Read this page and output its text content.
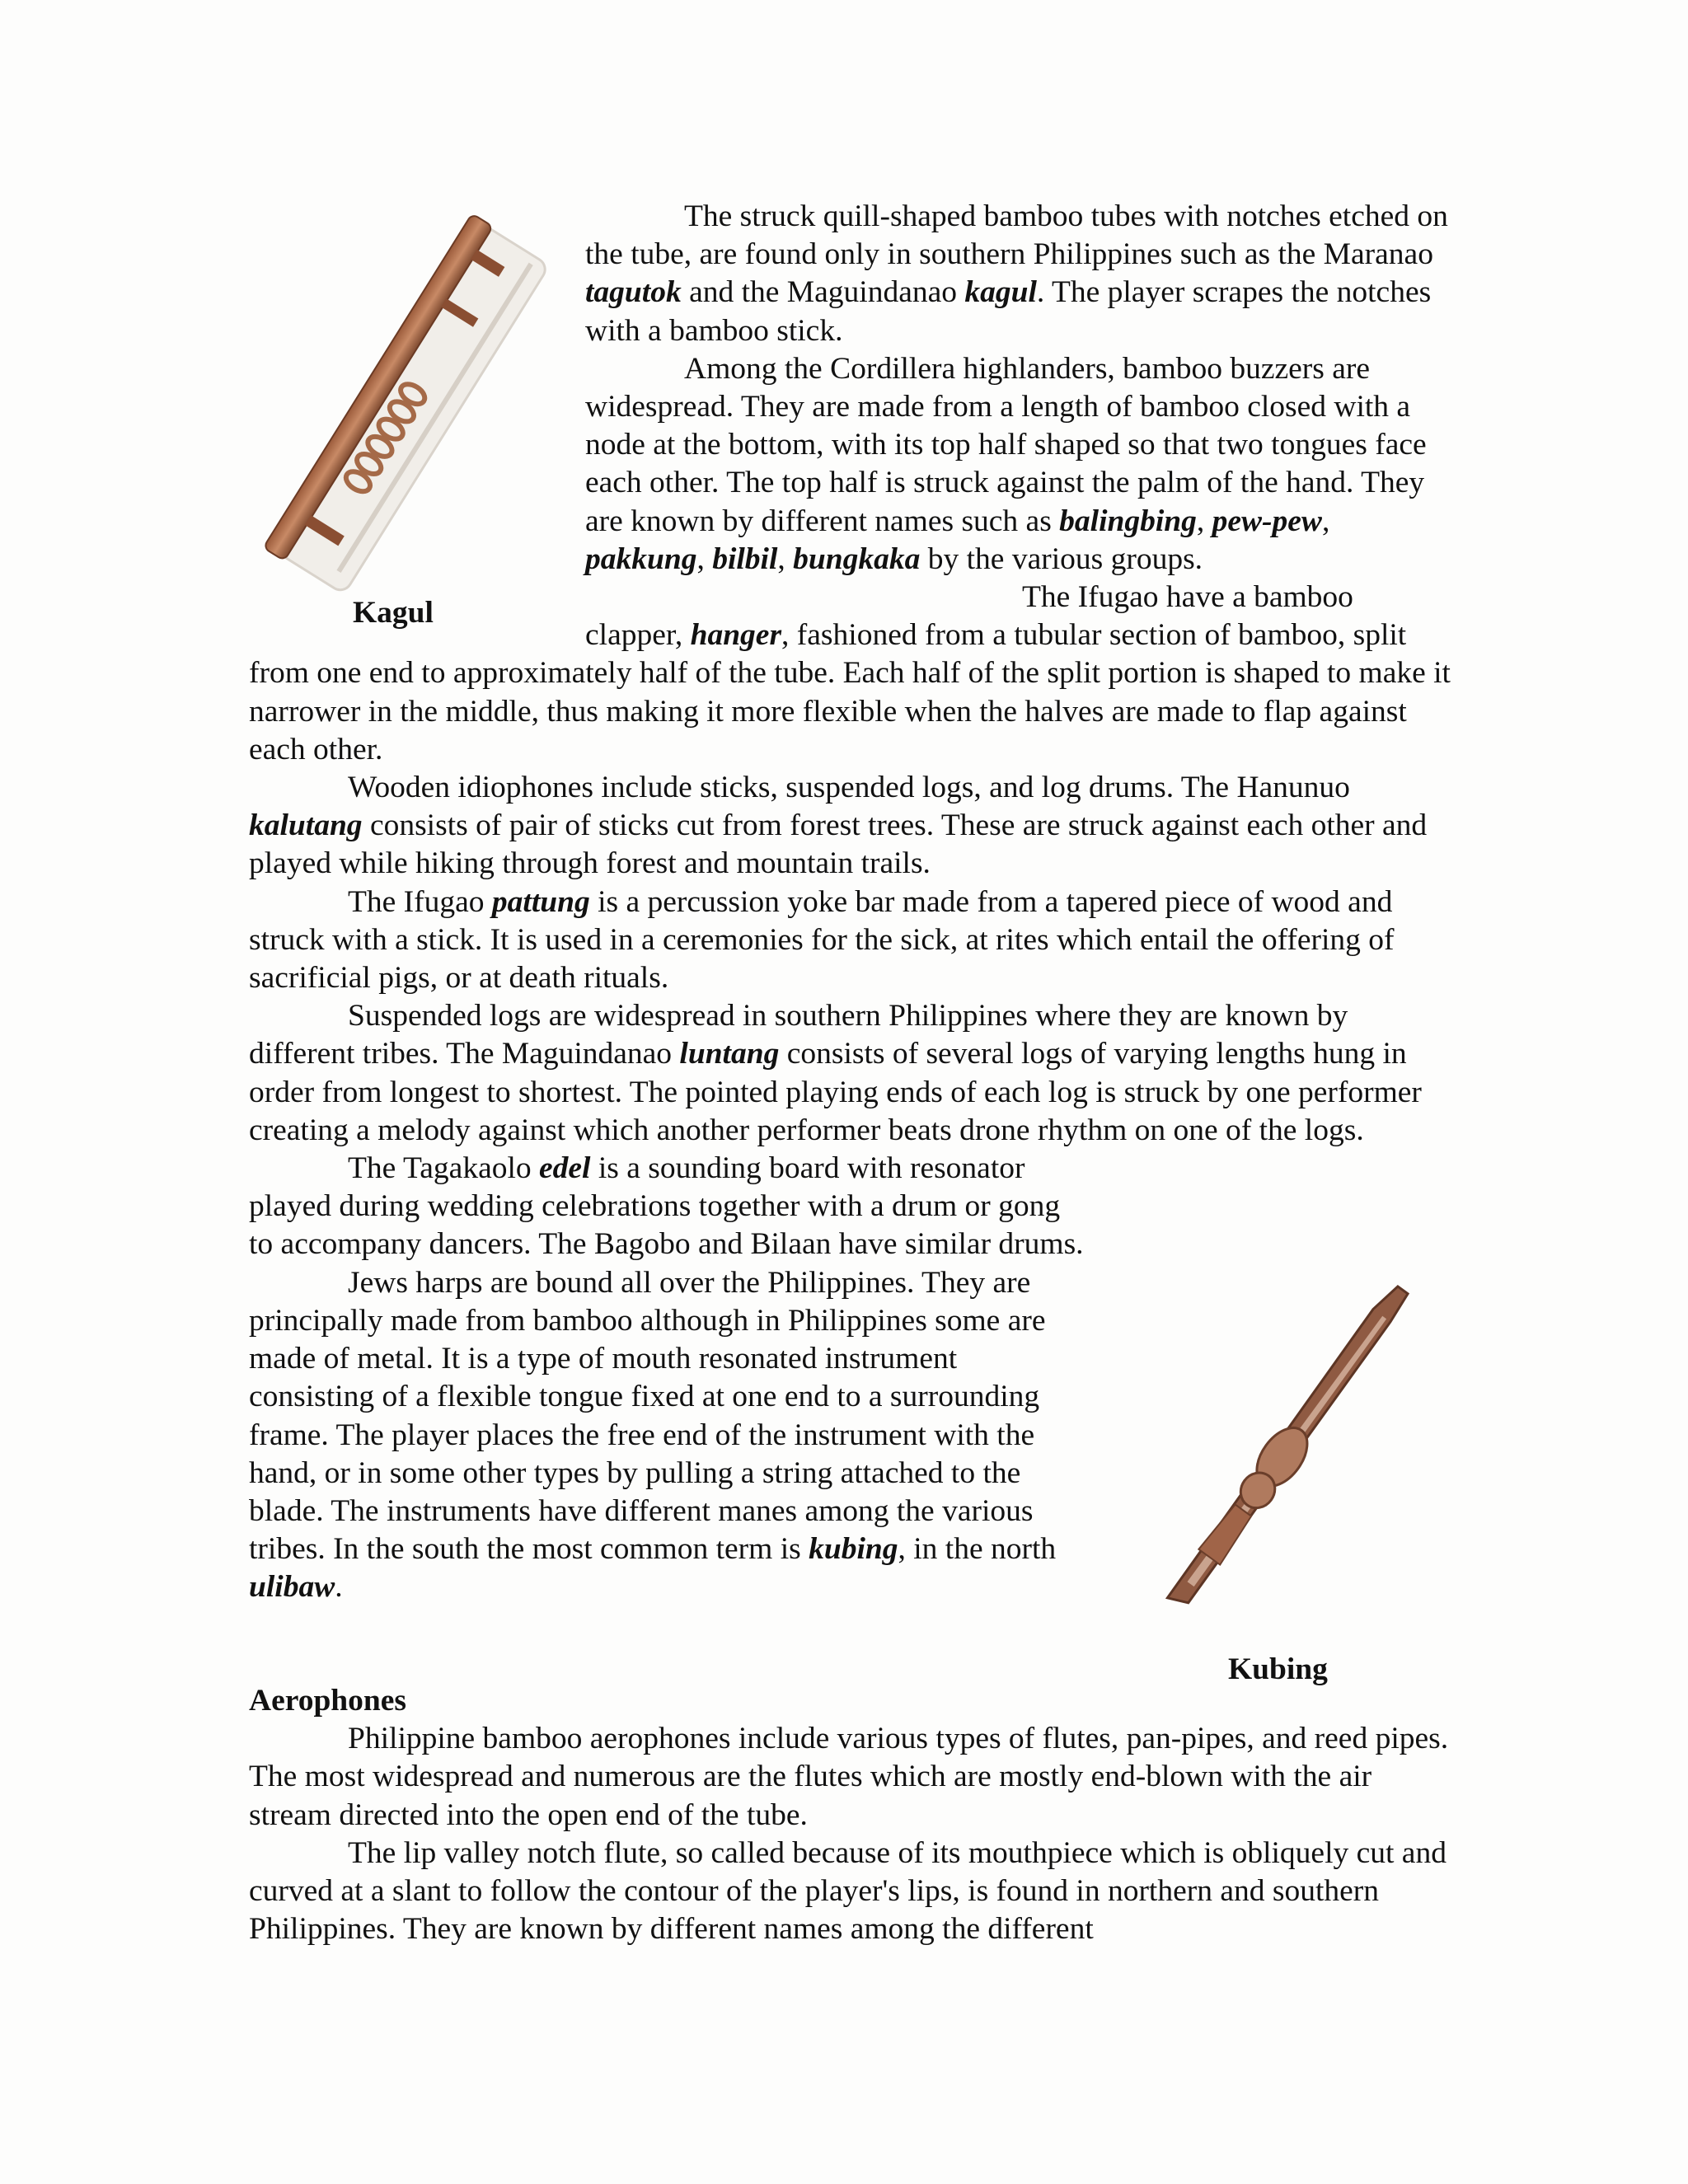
Kagul
Kubing

The struck quill-shaped bamboo tubes with notches etched on the tube, are found only in southern Philippines such as the Maranao tagutok and the Maguindanao kagul. The player scrapes the notches with a bamboo stick.

Among the Cordillera highlanders, bamboo buzzers are widespread. They are made from a length of bamboo closed with a node at the bottom, with its top half shaped so that two tongues face each other. The top half is struck against the palm of the hand. They are known by different names such as balingbing, pew-pew, pakkung, bilbil, bungkaka by the various groups.

The Ifugao have a bamboo clapper, hanger, fashioned from a tubular section of bamboo, split from one end to approximately half of the tube. Each half of the split portion is shaped to make it narrower in the middle, thus making it more flexible when the halves are made to flap against each other.

Wooden idiophones include sticks, suspended logs, and log drums. The Hanunuo kalutang consists of pair of sticks cut from forest trees. These are struck against each other and played while hiking through forest and mountain trails.

The Ifugao pattung is a percussion yoke bar made from a tapered piece of wood and struck with a stick. It is used in a ceremonies for the sick, at rites which entail the offering of sacrificial pigs, or at death rituals.

Suspended logs are widespread in southern Philippines where they are known by different tribes. The Maguindanao luntang consists of several logs of varying lengths hung in order from longest to shortest. The pointed playing ends of each log is struck by one performer creating a melody against which another performer beats drone rhythm on one of the logs.

The Tagakaolo edel is a sounding board with resonator played during wedding celebrations together with a drum or gong to accompany dancers. The Bagobo and Bilaan have similar drums.

Jews harps are bound all over the Philippines. They are principally made from bamboo although in Philippines some are made of metal. It is a type of mouth resonated instrument consisting of a flexible tongue fixed at one end to a surrounding frame. The player places the free end of the instrument with the hand, or in some other types by pulling a string attached to the blade. The instruments have different manes among the various tribes. In the south the most common term is kubing, in the north ulibaw.

Aerophones

Philippine bamboo aerophones include various types of flutes, pan-pipes, and reed pipes. The most widespread and numerous are the flutes which are mostly end-blown with the air stream directed into the open end of the tube.

The lip valley notch flute, so called because of its mouthpiece which is obliquely cut and curved at a slant to follow the contour of the player's lips, is found in northern and southern Philippines. They are known by different names among the different
